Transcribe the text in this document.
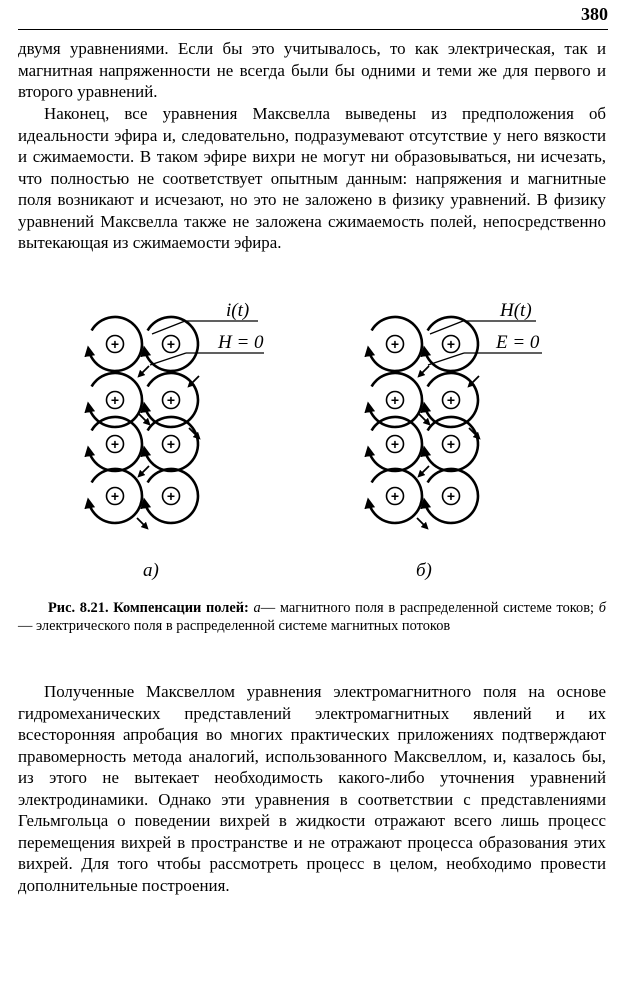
380

двумя уравнениями. Если бы это учитывалось, то как электрическая, так и магнитная напряженности не всегда были бы одними и теми же для первого и второго уравнений.

Наконец, все уравнения Максвелла выведены из предположения об идеальности эфира и, следовательно, подразумевают отсутствие у него вязкости и сжимаемости. В таком эфире вихри не могут ни образовываться, ни исчезать, что полностью не соответствует опытным данным: напряжения и магнитные поля возникают и исчезают, но это не заложено в физику уравнений. В физику уравнений Максвелла также не заложена сжимаемость полей, непосредственно вытекающая из сжимаемости эфира.

+	+
+	+
+	+
+	+
i(t)
H = 0
а)
+	+
+	+
+	+
+	+
H(t)
E = 0
б)

Рис. 8.21. Компенсации полей: а— магнитного поля в распределенной системе токов; б— электрического поля в распределенной системе магнитных потоков

Полученные Максвеллом уравнения электромагнитного поля на основе гидромеханических представлений электромагнитных явлений и их всесторонняя апробация во многих практических приложениях подтверждают правомерность метода аналогий, использованного Максвеллом, и, казалось бы, из этого не вытекает необходимость какого-либо уточнения уравнений электродинамики. Однако эти уравнения в соответствии с представлениями Гельмгольца о поведении вихрей в жидкости отражают всего лишь процесс перемещения вихрей в пространстве и не отражают процесса образования этих вихрей. Для того чтобы рассмотреть процесс в целом, необходимо провести дополнительные построения.
